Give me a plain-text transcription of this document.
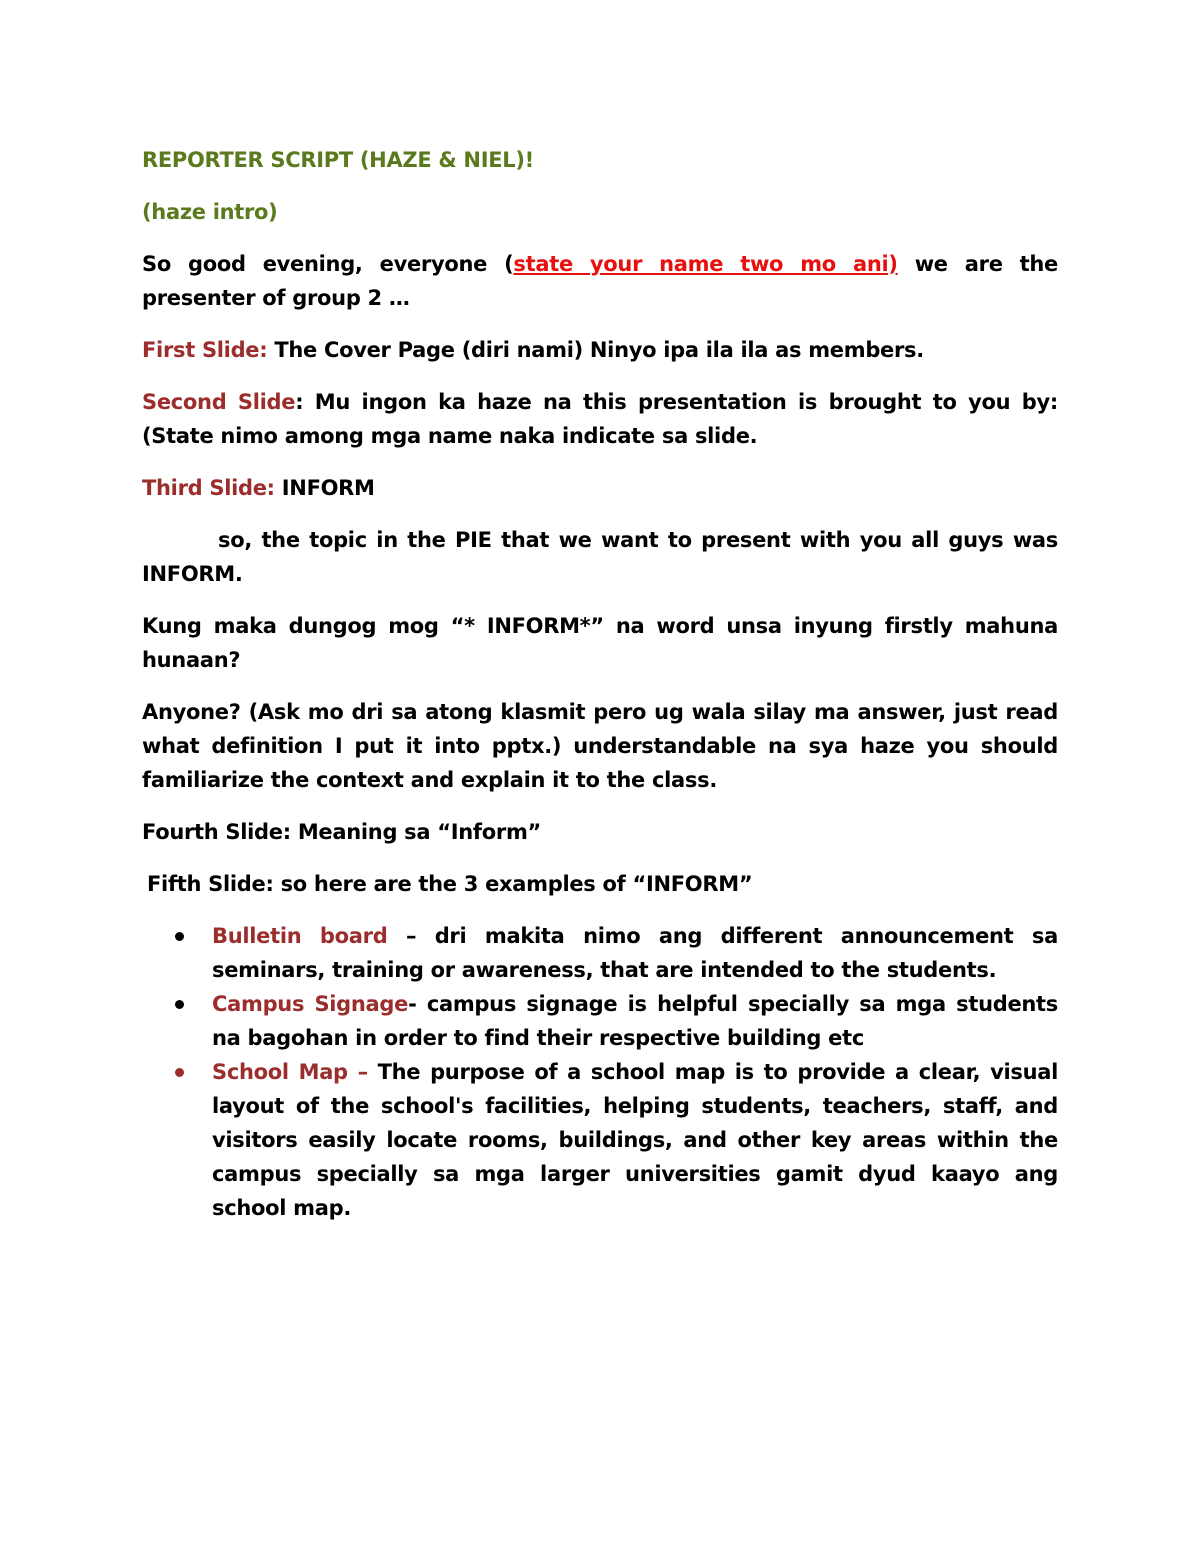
REPORTER SCRIPT (HAZE & NIEL)!

(haze intro)

So good evening, everyone (state your name two mo ani) we are the presenter of group 2 …

First Slide: The Cover Page (diri nami) Ninyo ipa ila ila as members.

Second Slide: Mu ingon ka haze na this presentation is brought to you by: (State nimo among mga name naka indicate sa slide.

Third Slide: INFORM

so, the topic in the PIE that we want to present with you all guys was INFORM.

Kung maka dungog mog “* INFORM*” na word unsa inyung firstly mahuna hunaan?

Anyone? (Ask mo dri sa atong klasmit pero ug wala silay ma answer, just read what definition I put it into pptx.) understandable na sya haze you should familiarize the context and explain it to the class.

Fourth Slide: Meaning sa “Inform”

Fifth Slide: so here are the 3 examples of “INFORM”

Bulletin board – dri makita nimo ang different announcement sa seminars, training or awareness, that are intended to the students.
Campus Signage- campus signage is helpful specially sa mga students na bagohan in order to find their respective building etc
School Map – The purpose of a school map is to provide a clear, visual layout of the school's facilities, helping students, teachers, staff, and visitors easily locate rooms, buildings, and other key areas within the campus specially sa mga larger universities gamit dyud kaayo ang school map.
